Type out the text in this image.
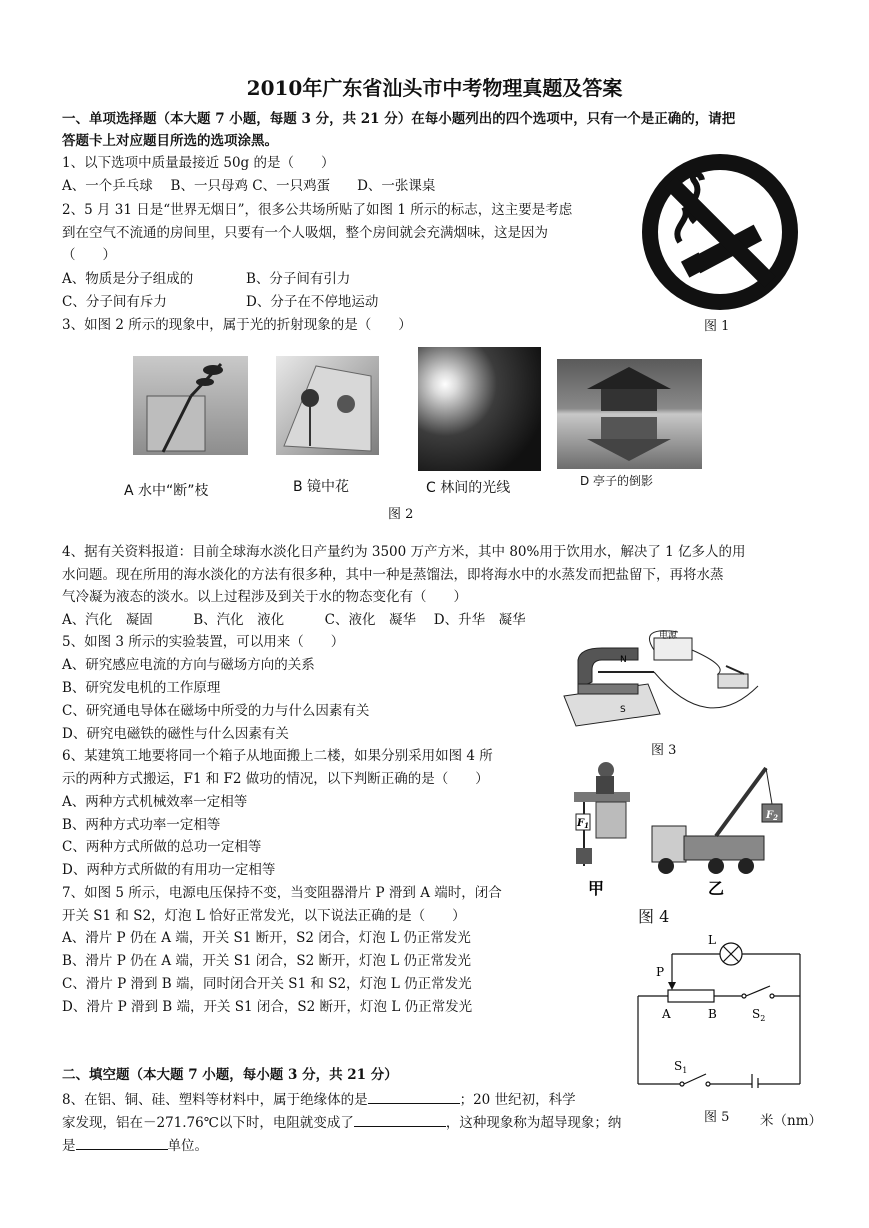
2010年广东省汕头市中考物理真题及答案
一、单项选择题（本大题 7 小题，每题 3 分，共 21 分）在每小题列出的四个选项中，只有一个是正确的，请把
答题卡上对应题目所选的选项涂黑。
1、以下选项中质量最接近 50g 的是（　　）
A、一个乒乓球　 B、一只母鸡 C、一只鸡蛋　　D、一张课桌
2、5 月 31 日是“世界无烟日”，很多公共场所贴了如图 1 所示的标志，这主要是考虑
到在空气不流通的房间里，只要有一个人吸烟，整个房间就会充满烟味，这是因为
（　　）
A、物质是分子组成的	B、分子间有引力
C、分子间有斥力	D、分子在不停地运动
图 1
3、如图 2 所示的现象中，属于光的折射现象的是（　　）
A 水中“断”枝	B 镜中花	C 林间的光线	D 亭子的倒影
图 2
4、据有关资料报道：目前全球海水淡化日产量约为 3500 万产方米，其中 80%用于饮用水，解决了 1 亿多人的用
水问题。现在所用的海水淡化的方法有很多种，其中一种是蒸馏法，即将海水中的水蒸发而把盐留下，再将水蒸
气冷凝为液态的淡水。以上过程涉及到关于水的物态变化有（　　）
A、汽化　凝固　　　B、汽化　液化　　　C、液化　凝华　 D、升华　凝华
5、如图 3 所示的实验装置，可以用来（　　）
A、研究感应电流的方向与磁场方向的关系
B、研究发电机的工作原理
C、研究通电导体在磁场中所受的力与什么因素有关
D、研究电磁铁的磁性与什么因素有关
电源
N
S
图 3
6、某建筑工地要将同一个箱子从地面搬上二楼，如果分别采用如图 4 所
示的两种方式搬运，F1 和 F2 做功的情况，以下判断正确的是（　　）
A、两种方式机械效率一定相等
B、两种方式功率一定相等
C、两种方式所做的总功一定相等
D、两种方式所做的有用功一定相等
$F_1$
$F_2$
甲	乙
图 4
7、如图 5 所示，电源电压保持不变，当变阻器滑片 P 滑到 A 端时，闭合
开关 S1 和 S2，灯泡 L 恰好正常发光，以下说法正确的是（　　）
A、滑片 P 仍在 A 端，开关 S1 断开，S2 闭合，灯泡 L 仍正常发光
B、滑片 P 仍在 A 端，开关 S1 闭合，S2 断开，灯泡 L 仍正常发光
C、滑片 P 滑到 B 端，同时闭合开关 S1 和 S2，灯泡 L 仍正常发光
D、滑片 P 滑到 B 端，开关 S1 闭合，S2 断开，灯泡 L 仍正常发光
L
P
A	B	$S_2$
$S_1$
图 5
二、填空题（本大题 7 小题，每小题 3 分，共 21 分）
8、在铝、铜、硅、塑料等材料中，属于绝缘体的是	；20 世纪初，科学
家发现，铝在－271.76℃以下时，电阻就变成了	，这种现象称为超导现象；纳	米（nm）
是	单位。
